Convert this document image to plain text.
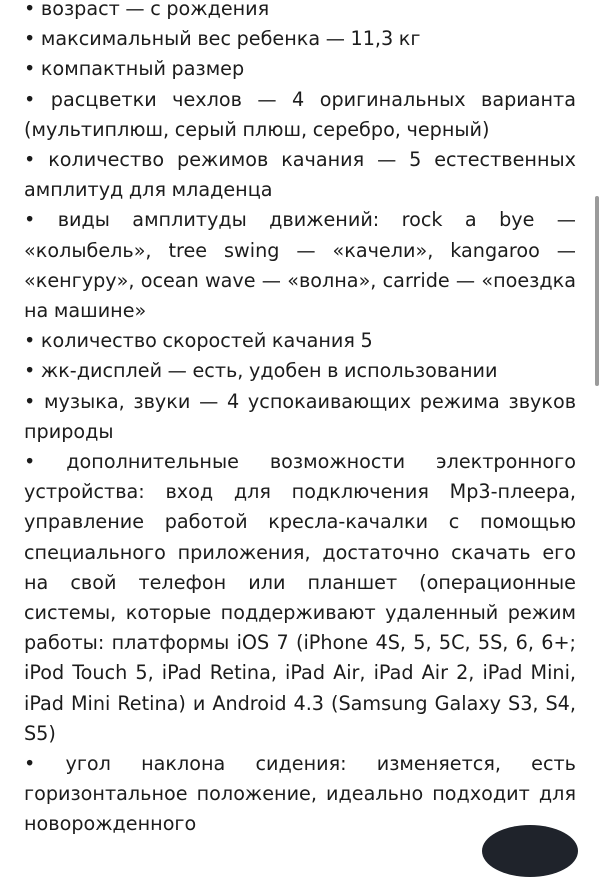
• возраст — с рождения

• максимальный вес ребенка — 11,3 кг

• компактный размер

• расцветки чехлов — 4 оригинальных варианта (мультиплюш, серый плюш, серебро, черный)

• количество режимов качания — 5 естественных амплитуд для младенца

• виды амплитуды движений: rock a bye — «колыбель», tree swing — «качели», kangaroo — «кенгуру», ocean wave — «волна», carride — «поездка на машине»

• количество скоростей качания 5

• жк-дисплей — есть, удобен в использовании

• музыка, звуки — 4 успокаивающих режима звуков природы

• дополнительные возможности электронного устройства: вход для подключения Мр3-плеера, управление работой кресла-качалки с помощью специального приложения, достаточно скачать его на свой телефон или планшет (операционные системы, которые поддерживают удаленный режим работы: платформы iOS 7 (iPhone 4S, 5, 5C, 5S, 6, 6+; iPod Touch 5, iPad Retina, iPad Air, iPad Air 2, iPad Mini, iPad Mini Retina) и Android 4.3 (Samsung Galaxy S3, S4, S5)

• угол наклона сидения: изменяется, есть горизонтальное положение, идеально подходит для новорожденного
